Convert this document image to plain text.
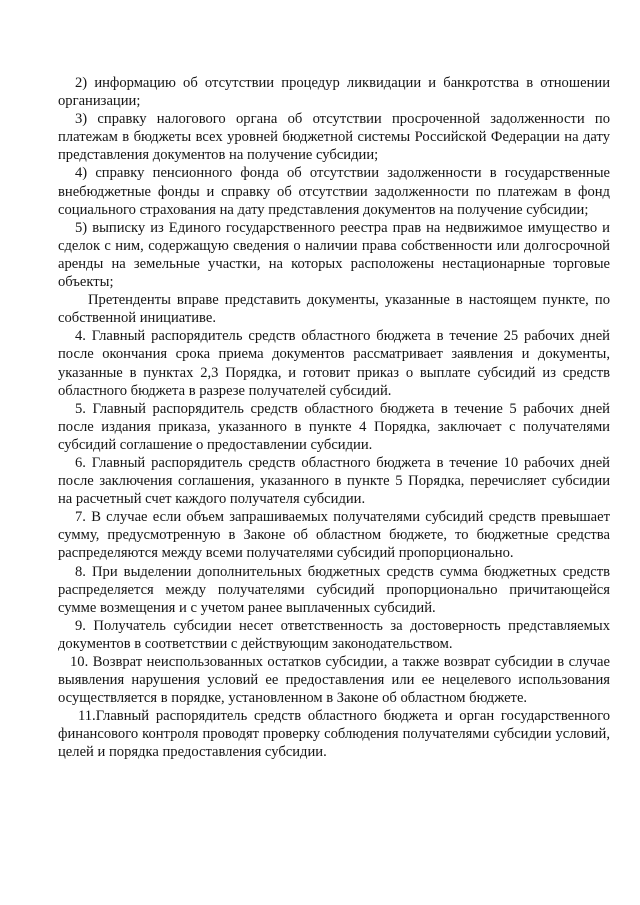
2) информацию об отсутствии процедур ликвидации и банкротства в отношении организации;

3) справку налогового органа об отсутствии просроченной задолженности по платежам в бюджеты всех уровней бюджетной системы Российской Федерации на дату представления документов на получение субсидии;

4) справку пенсионного фонда об отсутствии задолженности в государственные внебюджетные фонды и справку об отсутствии задолженности по платежам в фонд социального страхования на дату представления документов на получение субсидии;

5) выписку из Единого государственного реестра прав на недвижимое имущество и сделок с ним, содержащую сведения о наличии права собственности или долгосрочной аренды на земельные участки, на которых расположены нестационарные торговые объекты;

Претенденты вправе представить документы, указанные в настоящем пункте, по собственной инициативе.

4. Главный распорядитель средств областного бюджета в течение 25 рабочих дней после окончания срока приема документов рассматривает заявления и документы, указанные в пунктах 2,3 Порядка, и готовит приказ о выплате субсидий из средств областного бюджета в разрезе получателей субсидий.

5. Главный распорядитель средств областного бюджета в течение 5 рабочих дней после издания приказа, указанного в пункте 4 Порядка, заключает с получателями субсидий соглашение о предоставлении субсидии.

6. Главный распорядитель средств областного бюджета в течение 10 рабочих дней после заключения соглашения, указанного в пункте 5 Порядка, перечисляет субсидии на расчетный счет каждого получателя субсидии.

7. В случае если объем запрашиваемых получателями субсидий средств превышает сумму, предусмотренную в Законе об областном бюджете, то бюджетные средства распределяются между всеми получателями субсидий пропорционально.

8. При выделении дополнительных бюджетных средств сумма бюджетных средств распределяется между получателями субсидий пропорционально причитающейся сумме возмещения и с учетом ранее выплаченных субсидий.

9. Получатель субсидии несет ответственность за достоверность представляемых документов в соответствии с действующим законодательством.

10. Возврат неиспользованных остатков субсидии, а также возврат субсидии в случае выявления нарушения условий ее предоставления или ее нецелевого использования осуществляется в порядке, установленном в Законе об областном бюджете.

11.Главный распорядитель средств областного бюджета и орган государственного финансового контроля проводят проверку соблюдения получателями субсидии условий, целей и порядка предоставления субсидии.
